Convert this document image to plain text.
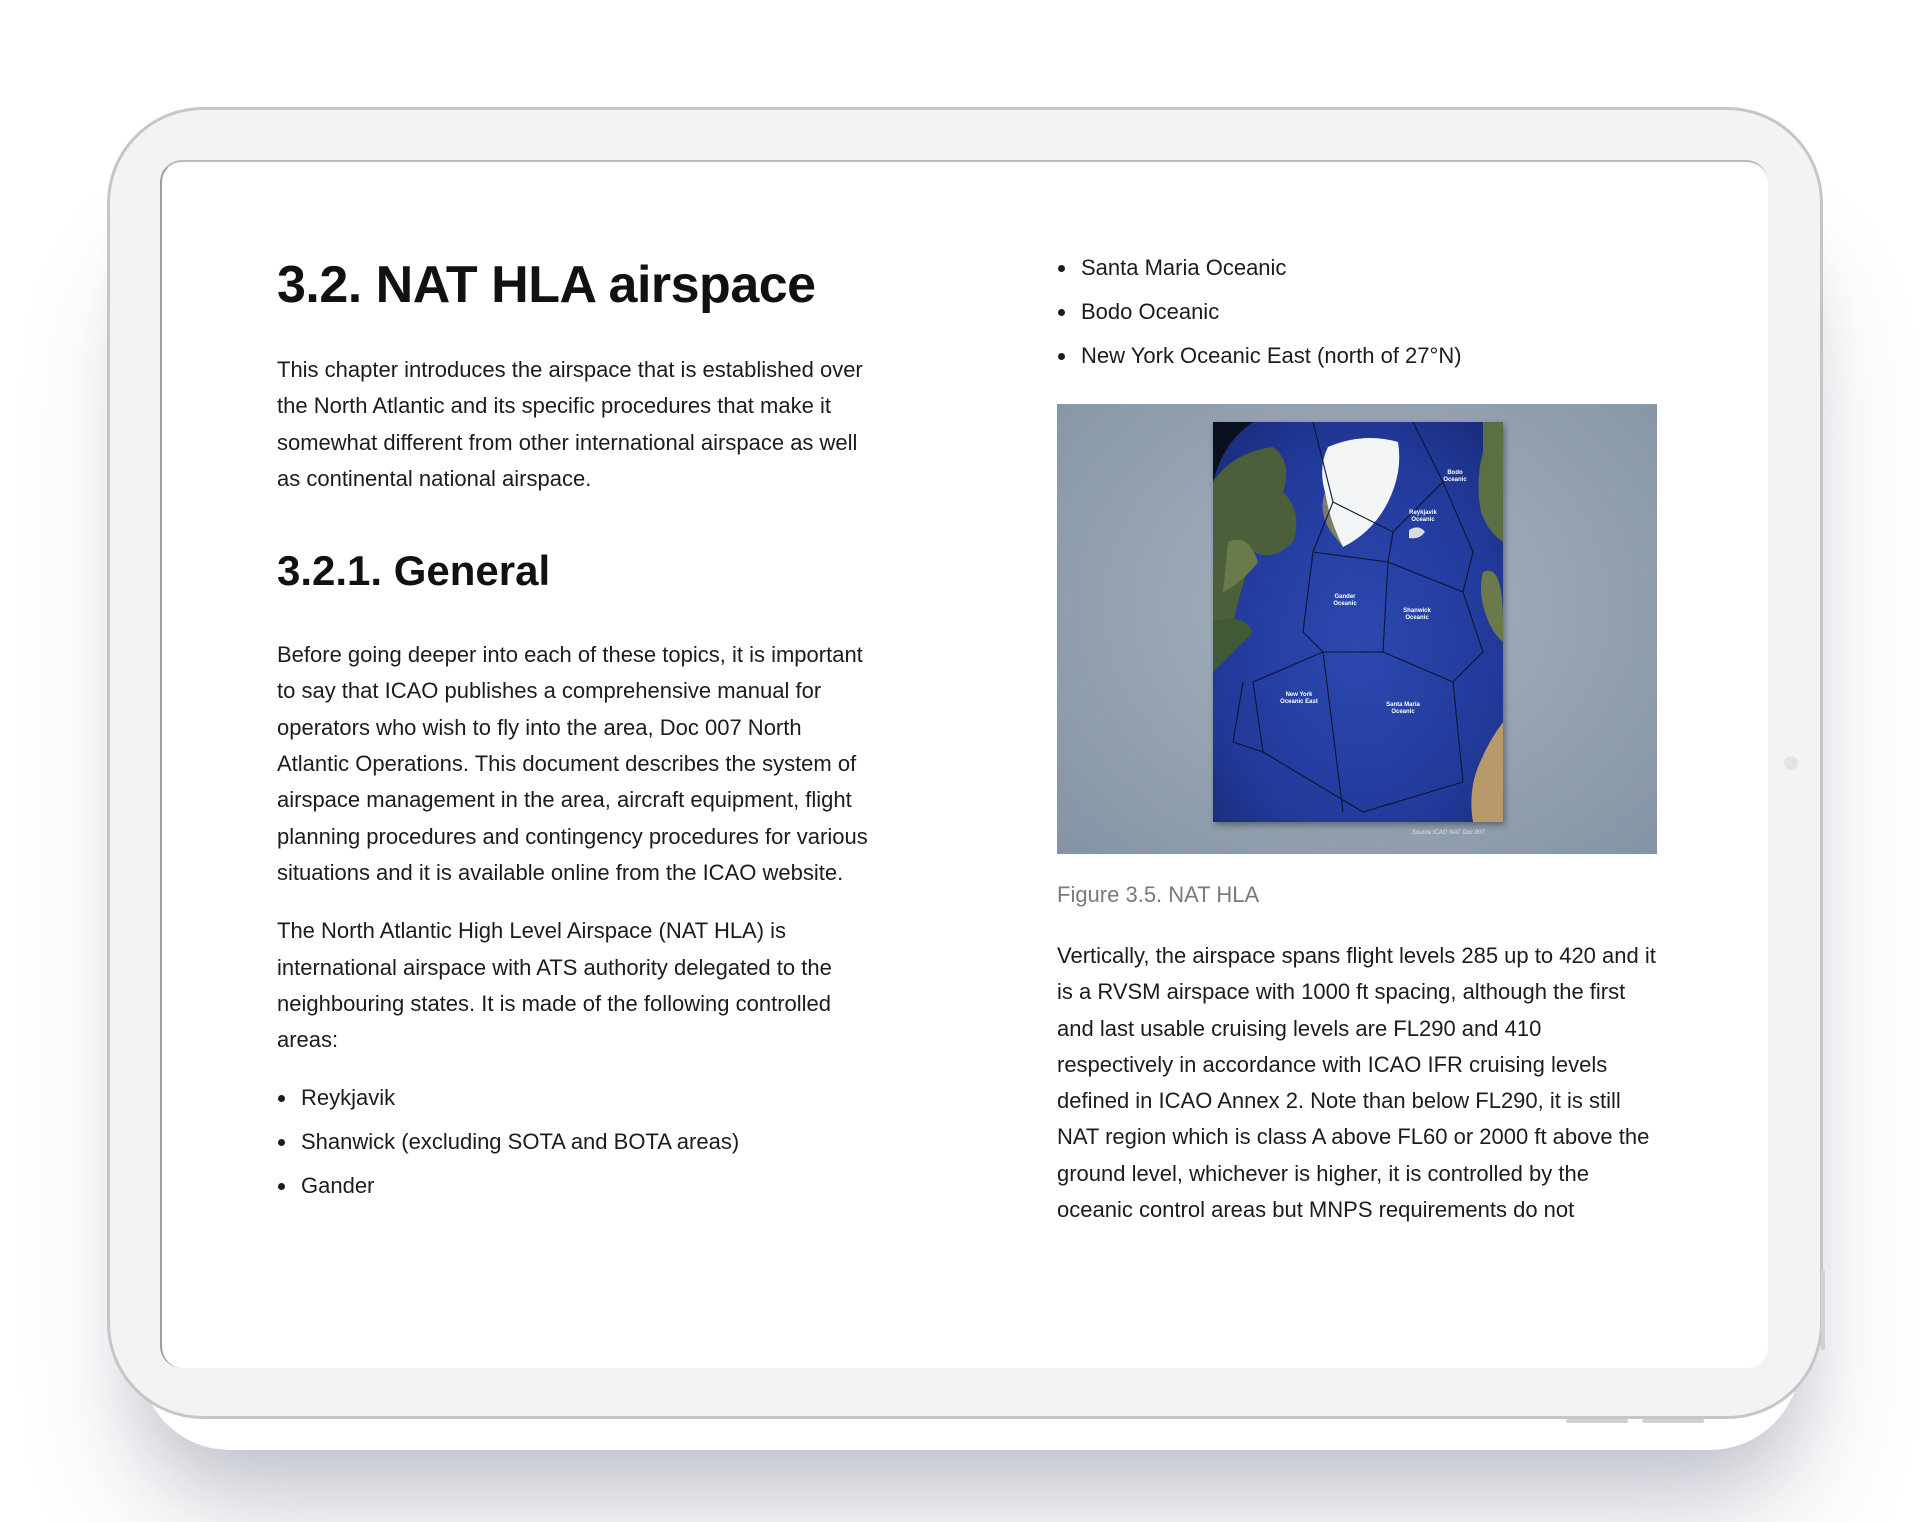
3.2. NAT HLA airspace

This chapter introduces the airspace that is established over the North Atlantic and its specific procedures that make it somewhat different from other international airspace as well as continental national airspace.

3.2.1. General

Before going deeper into each of these topics, it is important to say that ICAO publishes a comprehensive manual for operators who wish to fly into the area, Doc 007 North Atlantic Operations. This document describes the system of airspace management in the area, aircraft equipment, flight planning procedures and contingency procedures for various situations and it is available online from the ICAO website.

The North Atlantic High Level Airspace (NAT HLA) is international airspace with ATS authority delegated to the neighbouring states. It is made of the following controlled areas:

Reykjavik
Shanwick (excluding SOTA and BOTA areas)
Gander
Santa Maria Oceanic
Bodo Oceanic
New York Oceanic East (north of 27°N)
Bodo Oceanic
Reykjavik Oceanic
Gander Oceanic
Shanwick Oceanic
New York Oceanic East	Santa Maria Oceanic
Source ICAO NAT Doc 007
Figure 3.5. NAT HLA

Vertically, the airspace spans flight levels 285 up to 420 and it is a RVSM airspace with 1000 ft spacing, although the first and last usable cruising levels are FL290 and 410 respectively in accordance with ICAO IFR cruising levels defined in ICAO Annex 2. Note than below FL290, it is still NAT region which is class A above FL60 or 2000 ft above the ground level, whichever is higher, it is controlled by the oceanic control areas but MNPS requirements do not
